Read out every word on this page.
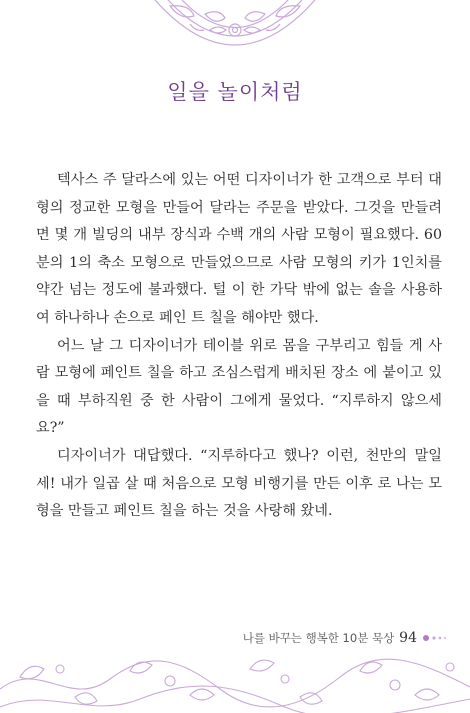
일을 놀이처럼

텍사스 주 달라스에 있는 어떤 디자이너가 한 고객으로 부터 대형의 정교한 모형을 만들어 달라는 주문을 받았다. 그것을 만들려면 몇 개 빌딩의 내부 장식과 수백 개의 사람 모형이 필요했다. 60분의 1의 축소 모형으로 만들었으므로 사람 모형의 키가 1인치를 약간 넘는 정도에 불과했다. 털 이 한 가닥 밖에 없는 솔을 사용하여 하나하나 손으로 페인 트 칠을 해야만 했다.

어느 날 그 디자이너가 테이블 위로 몸을 구부리고 힘들 게 사람 모형에 페인트 칠을 하고 조심스럽게 배치된 장소 에 붙이고 있을 때 부하직원 중 한 사람이 그에게 물었다. “지루하지 않으세요?”

디자이너가 대답했다. “지루하다고 했나? 이런, 천만의 말일세! 내가 일곱 살 때 처음으로 모형 비행기를 만든 이후 로 나는 모형을 만들고 페인트 칠을 하는 것을 사랑해 왔네.

나를 바꾸는 행복한 10분 묵상 94
